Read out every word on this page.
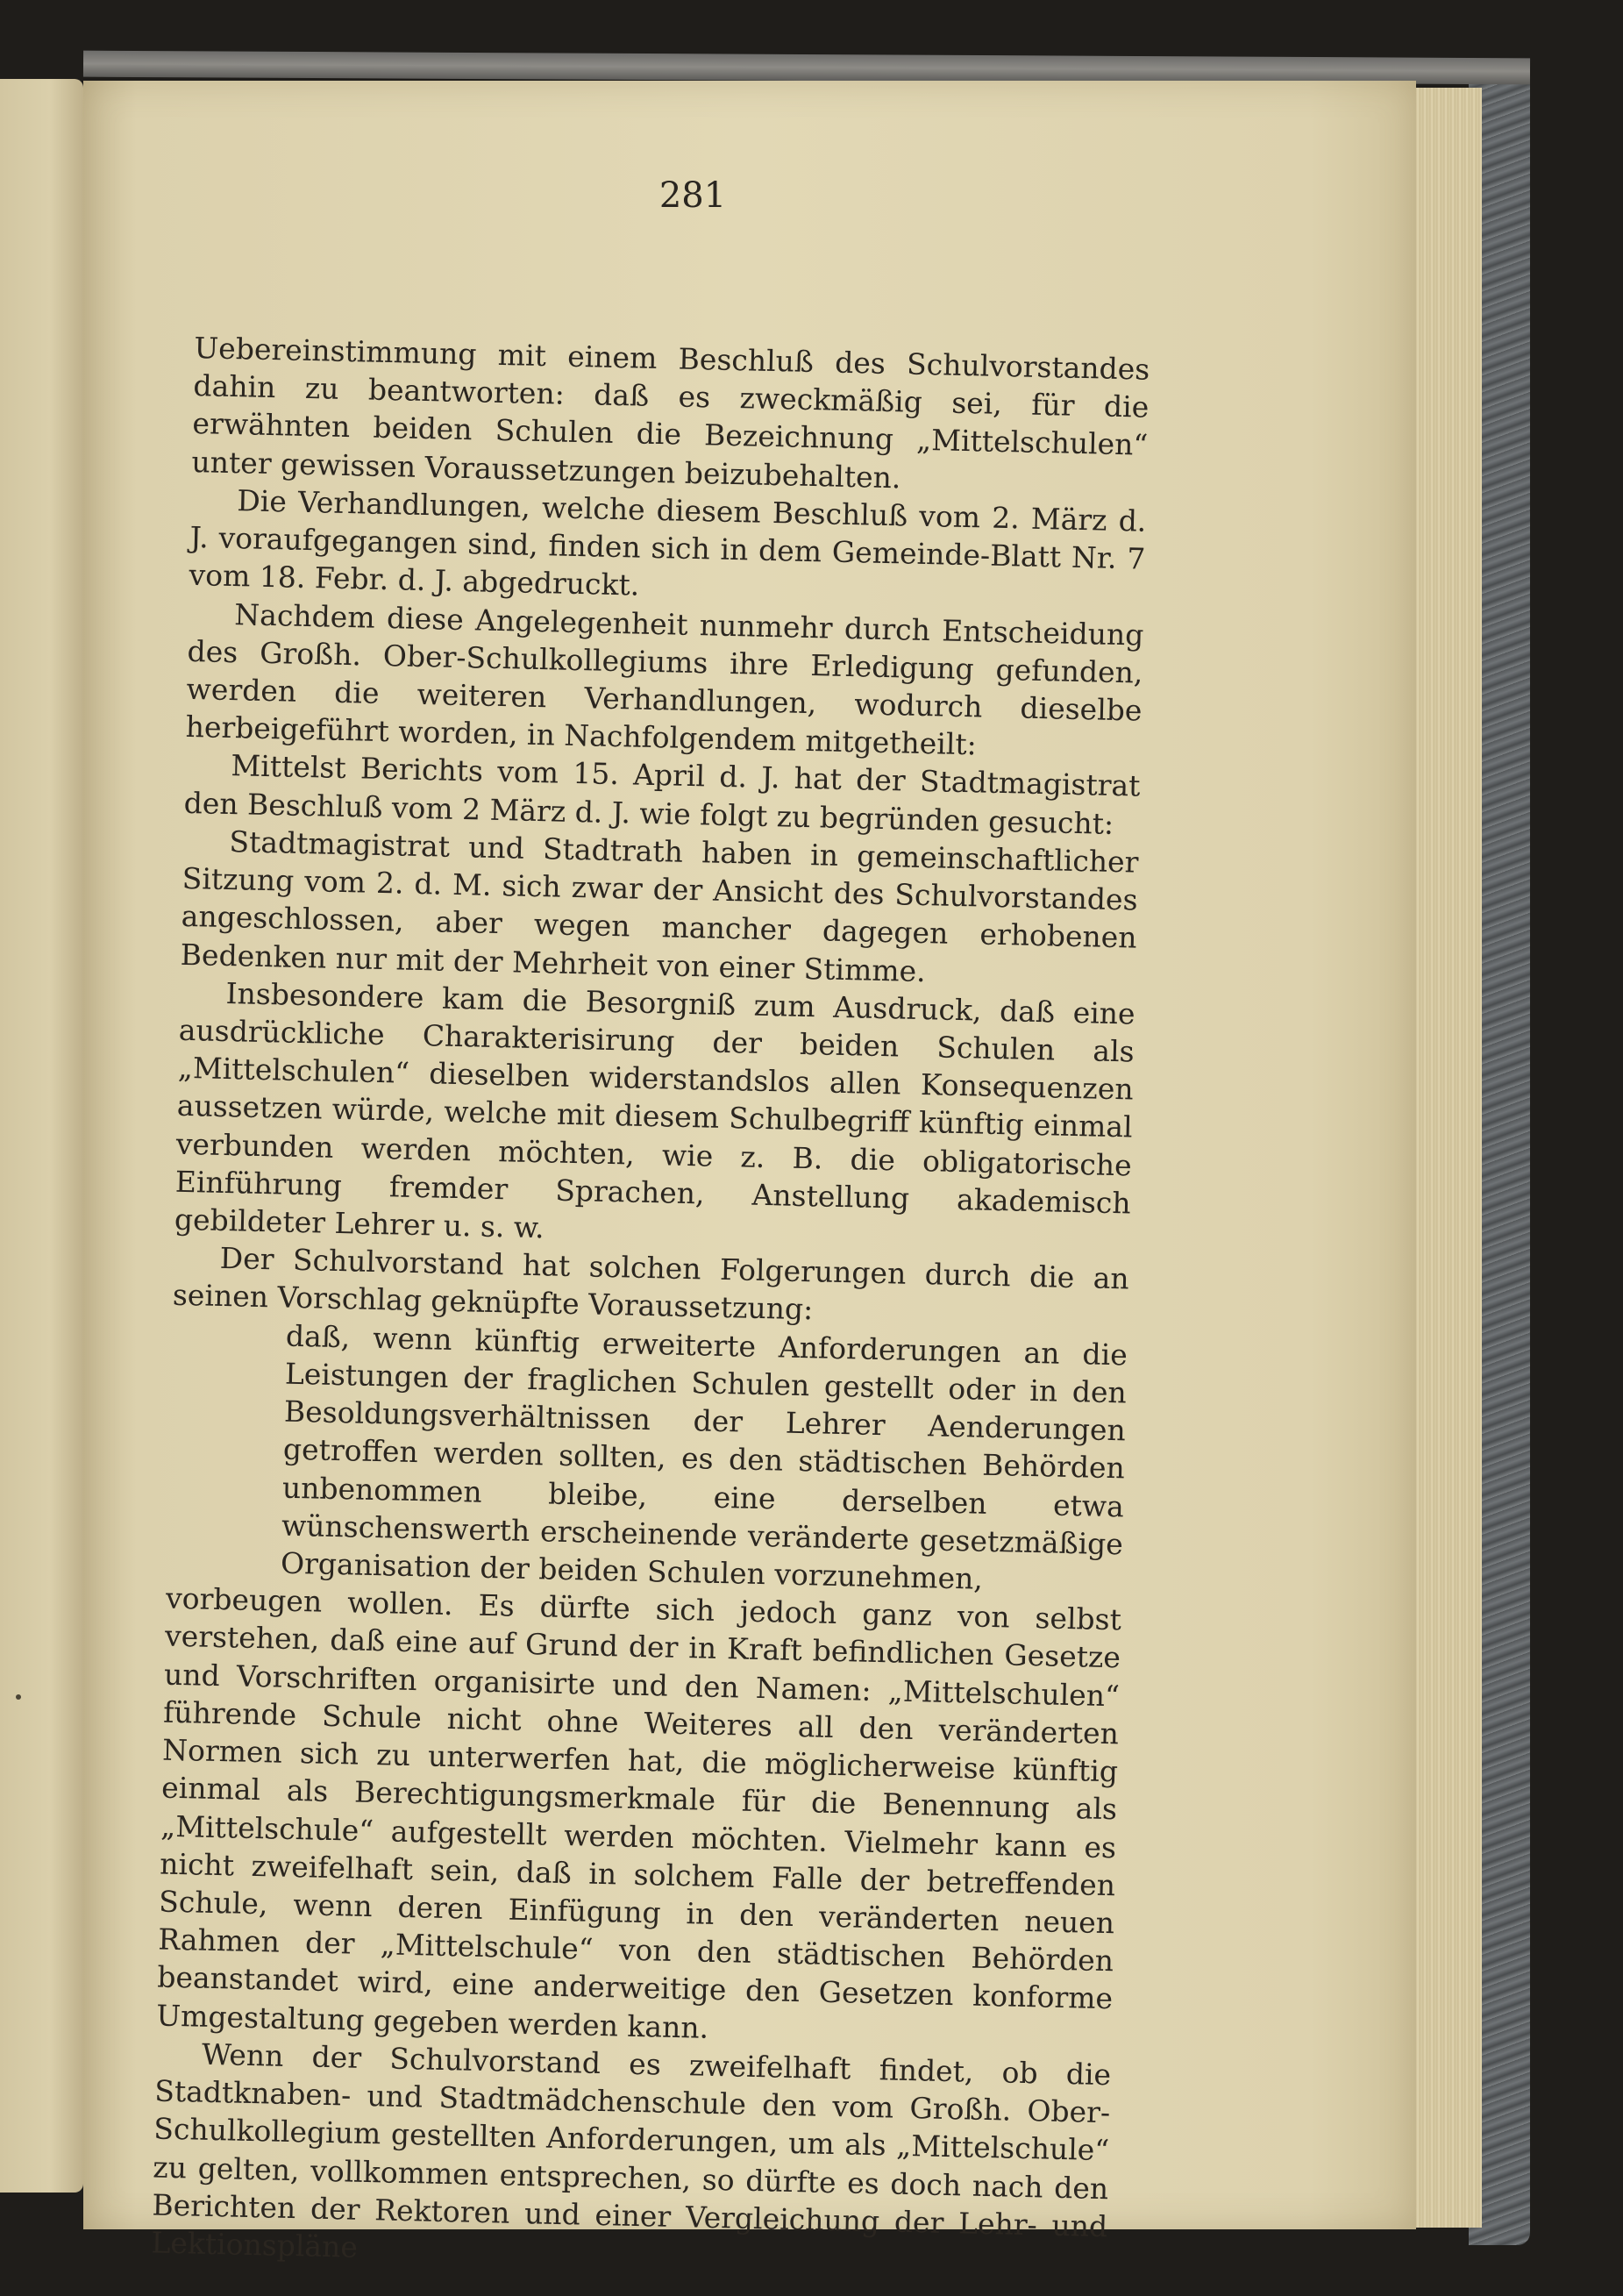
281

Uebereinstimmung mit einem Beschluß des Schulvorstandes dahin zu beantworten: daß es zweckmäßig sei, für die erwähnten beiden Schulen die Bezeichnung „Mittelschulen“ unter gewissen Voraussetzungen beizubehalten.

Die Verhandlungen, welche diesem Beschluß vom 2. März d. J. voraufgegangen sind, finden sich in dem Gemeinde-Blatt Nr. 7 vom 18. Febr. d. J. abgedruckt.

Nachdem diese Angelegenheit nunmehr durch Entscheidung des Großh. Ober-Schulkollegiums ihre Erledigung gefunden, werden die weiteren Verhandlungen, wodurch dieselbe herbeigeführt worden, in Nachfolgendem mitgetheilt:

Mittelst Berichts vom 15. April d. J. hat der Stadtmagistrat den Beschluß vom 2 März d. J. wie folgt zu begründen gesucht:

Stadtmagistrat und Stadtrath haben in gemeinschaftlicher Sitzung vom 2. d. M. sich zwar der Ansicht des Schulvorstandes angeschlossen, aber wegen mancher dagegen erhobenen Bedenken nur mit der Mehrheit von einer Stimme.

Insbesondere kam die Besorgniß zum Ausdruck, daß eine ausdrückliche Charakterisirung der beiden Schulen als „Mittelschulen“ dieselben widerstandslos allen Konsequenzen aussetzen würde, welche mit diesem Schulbegriff künftig einmal verbunden werden möchten, wie z. B. die obligatorische Einführung fremder Sprachen, Anstellung akademisch gebildeter Lehrer u. s. w.

Der Schulvorstand hat solchen Folgerungen durch die an seinen Vorschlag geknüpfte Voraussetzung:

daß, wenn künftig erweiterte Anforderungen an die Leistungen der fraglichen Schulen gestellt oder in den Besoldungsverhältnissen der Lehrer Aenderungen getroffen werden sollten, es den städtischen Behörden unbenommen bleibe, eine derselben etwa wünschenswerth erscheinende veränderte gesetzmäßige Organisation der beiden Schulen vorzunehmen,

vorbeugen wollen. Es dürfte sich jedoch ganz von selbst verstehen, daß eine auf Grund der in Kraft befindlichen Gesetze und Vorschriften organisirte und den Namen: „Mittelschulen“ führende Schule nicht ohne Weiteres all den veränderten Normen sich zu unterwerfen hat, die möglicherweise künftig einmal als Berechtigungsmerkmale für die Benennung als „Mittelschule“ aufgestellt werden möchten. Vielmehr kann es nicht zweifelhaft sein, daß in solchem Falle der betreffenden Schule, wenn deren Einfügung in den veränderten neuen Rahmen der „Mittelschule“ von den städtischen Behörden beanstandet wird, eine anderweitige den Gesetzen konforme Umgestaltung gegeben werden kann.

Wenn der Schulvorstand es zweifelhaft findet, ob die Stadtknaben- und Stadtmädchenschule den vom Großh. Ober-Schulkollegium gestellten Anforderungen, um als „Mittelschule“ zu gelten, vollkommen entsprechen, so dürfte es doch nach den Berichten der Rektoren und einer Vergleichung der Lehr- und Lektionspläne
